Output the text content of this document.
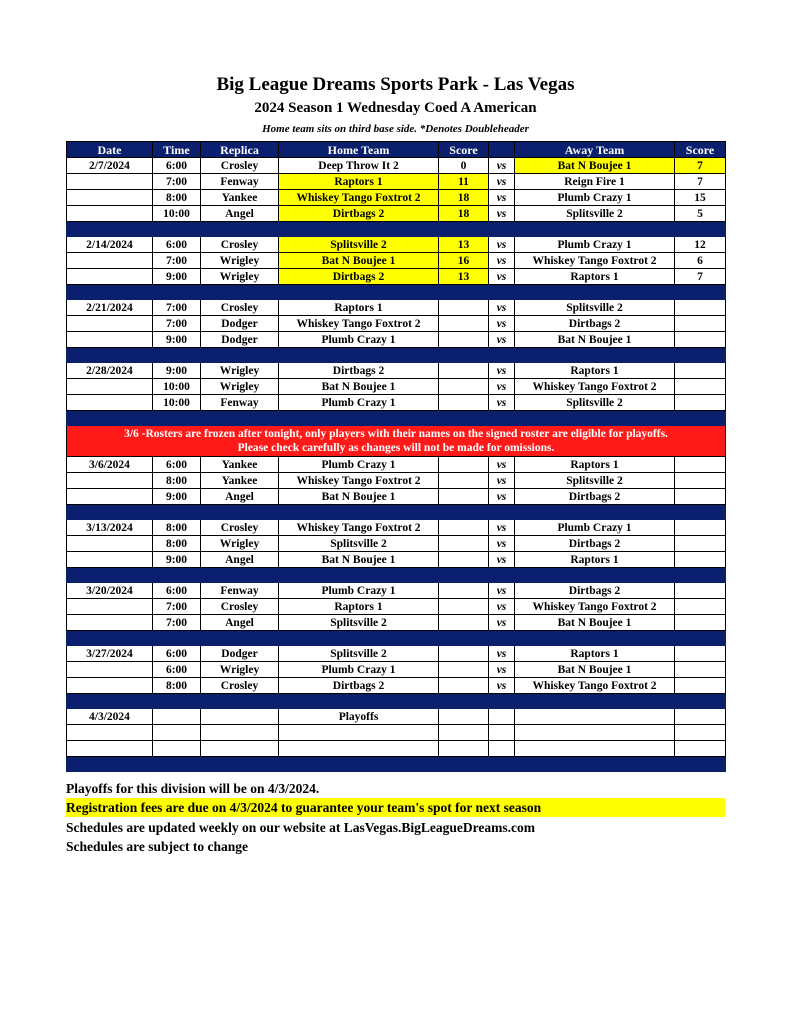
Big League Dreams Sports Park - Las Vegas
2024 Season 1 Wednesday Coed A American
Home team sits on third base side. *Denotes Doubleheader
Date	Time	Replica	Home Team	Score		Away Team	Score
2/7/2024	6:00	Crosley	Deep Throw It 2	0	vs	Bat N Boujee 1	7
	7:00	Fenway	Raptors 1	11	vs	Reign Fire 1	7
	8:00	Yankee	Whiskey Tango Foxtrot 2	18	vs	Plumb Crazy 1	15
	10:00	Angel	Dirtbags 2	18	vs	Splitsville 2	5

2/14/2024	6:00	Crosley	Splitsville 2	13	vs	Plumb Crazy 1	12
	7:00	Wrigley	Bat N Boujee 1	16	vs	Whiskey Tango Foxtrot 2	6
	9:00	Wrigley	Dirtbags 2	13	vs	Raptors 1	7

2/21/2024	7:00	Crosley	Raptors 1		vs	Splitsville 2	
	7:00	Dodger	Whiskey Tango Foxtrot 2		vs	Dirtbags 2	
	9:00	Dodger	Plumb Crazy 1		vs	Bat N Boujee 1	

2/28/2024	9:00	Wrigley	Dirtbags 2		vs	Raptors 1	
	10:00	Wrigley	Bat N Boujee 1		vs	Whiskey Tango Foxtrot 2	
	10:00	Fenway	Plumb Crazy 1		vs	Splitsville 2	

3/6 -Rosters are frozen after tonight, only players with their names on the signed roster are eligible for playoffs.
Please check carefully as changes will not be made for omissions.							

3/6/2024	6:00	Yankee	Plumb Crazy 1		vs	Raptors 1	
	8:00	Yankee	Whiskey Tango Foxtrot 2		vs	Splitsville 2	
	9:00	Angel	Bat N Boujee 1		vs	Dirtbags 2	

3/13/2024	8:00	Crosley	Whiskey Tango Foxtrot 2		vs	Plumb Crazy 1	
	8:00	Wrigley	Splitsville 2		vs	Dirtbags 2	
	9:00	Angel	Bat N Boujee 1		vs	Raptors 1	

3/20/2024	6:00	Fenway	Plumb Crazy 1		vs	Dirtbags 2	
	7:00	Crosley	Raptors 1		vs	Whiskey Tango Foxtrot 2	
	7:00	Angel	Splitsville 2		vs	Bat N Boujee 1	

3/27/2024	6:00	Dodger	Splitsville 2		vs	Raptors 1	
	6:00	Wrigley	Plumb Crazy 1		vs	Bat N Boujee 1	
	8:00	Crosley	Dirtbags 2		vs	Whiskey Tango Foxtrot 2	

4/3/2024			Playoffs				

Playoffs for this division will be on 4/3/2024.
Registration fees are due on 4/3/2024 to guarantee your team's spot for next season
Schedules are updated weekly on our website at LasVegas.BigLeagueDreams.com
Schedules are subject to change
